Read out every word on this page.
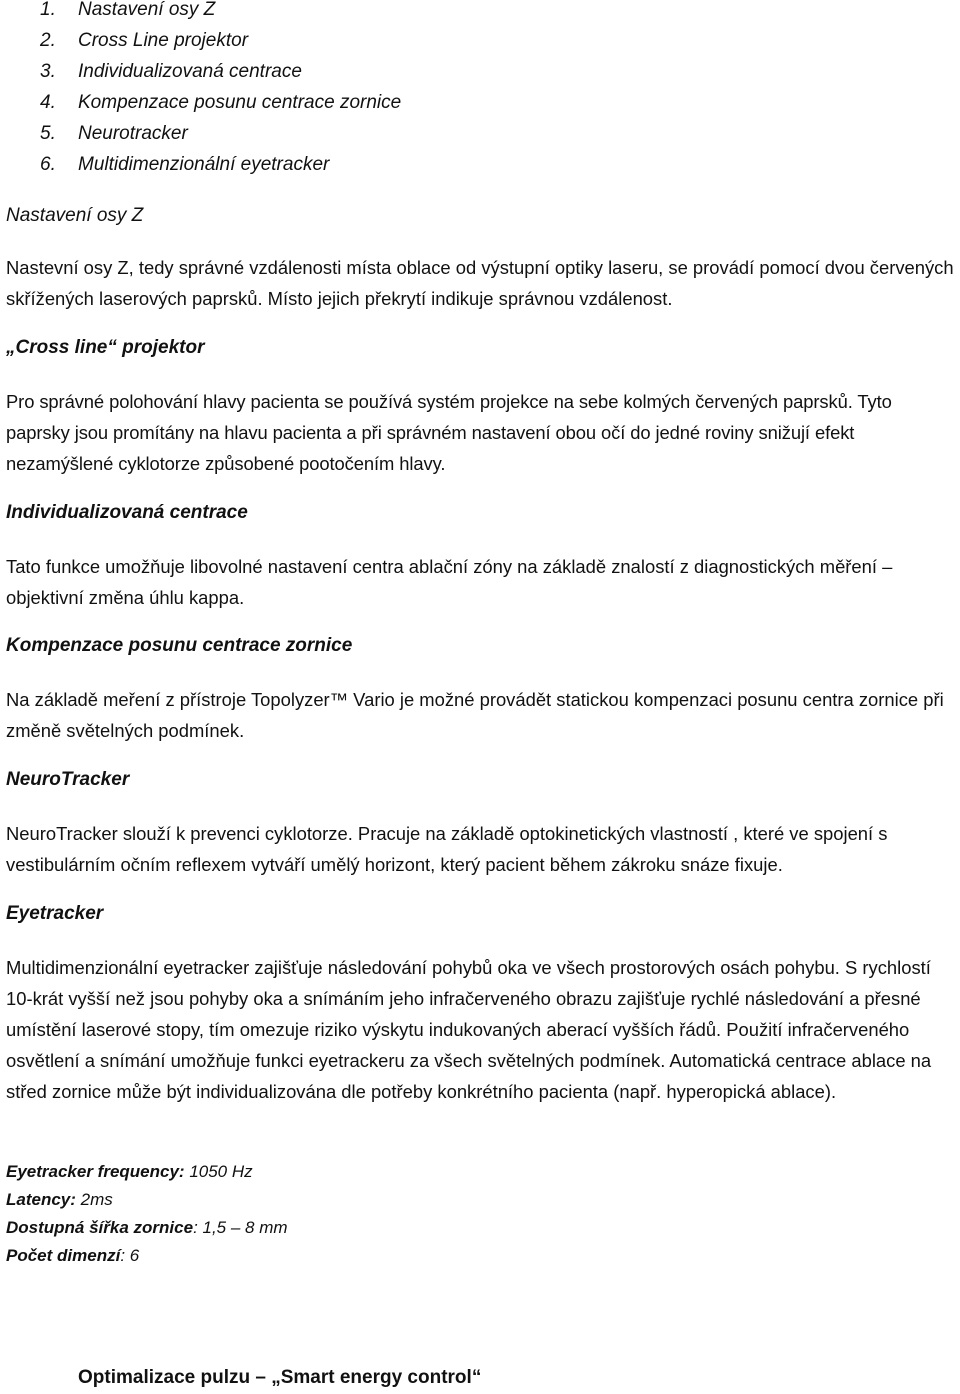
1. Nastavení osy Z
2. Cross Line projektor
3. Individualizovaná centrace
4. Kompenzace posunu centrace zornice
5. Neurotracker
6. Multidimenzionální eyetracker
Nastavení osy Z

Nastevní osy Z, tedy správné vzdálenosti místa oblace od výstupní optiky laseru, se provádí pomocí dvou červených skřížených laserových paprsků. Místo jejich překrytí indikuje správnou vzdálenost.

„Cross line“ projektor

Pro správné polohování hlavy pacienta se používá systém projekce na sebe kolmých červených paprsků. Tyto paprsky jsou promítány na hlavu pacienta a při správném nastavení obou očí do jedné roviny snižují efekt nezamýšlené cyklotorze způsobené pootočením hlavy.

Individualizovaná centrace

Tato funkce umožňuje libovolné nastavení centra ablační zóny na základě znalostí z diagnostických měření – objektivní změna úhlu kappa.

Kompenzace posunu centrace zornice

Na základě meření z přístroje Topolyzer™ Vario je možné provádět statickou kompenzaci posunu centra zornice při změně světelných podmínek.

NeuroTracker

NeuroTracker slouží k prevenci cyklotorze. Pracuje na základě optokinetických vlastností , které ve spojení s vestibulárním očním reflexem vytváří umělý horizont, který pacient během zákroku snáze fixuje.

Eyetracker

Multidimenzionální eyetracker zajišťuje následování pohybů oka ve všech prostorových osách pohybu. S rychlostí 10-krát vyšší než jsou pohyby oka a snímáním jeho infračerveného obrazu zajišťuje rychlé následování a přesné umístění laserové stopy, tím omezuje riziko výskytu indukovaných aberací vyšších řádů. Použití infračerveného osvětlení a snímání umožňuje funkci eyetrackeru za všech světelných podmínek. Automatická centrace ablace na střed zornice může být individualizována dle potřeby konkrétního pacienta (např. hyperopická ablace).

Eyetracker frequency: 1050 Hz
Latency: 2ms
Dostupná šířka zornice: 1,5 – 8 mm
Počet dimenzí: 6
Optimalizace pulzu – „Smart energy control“
